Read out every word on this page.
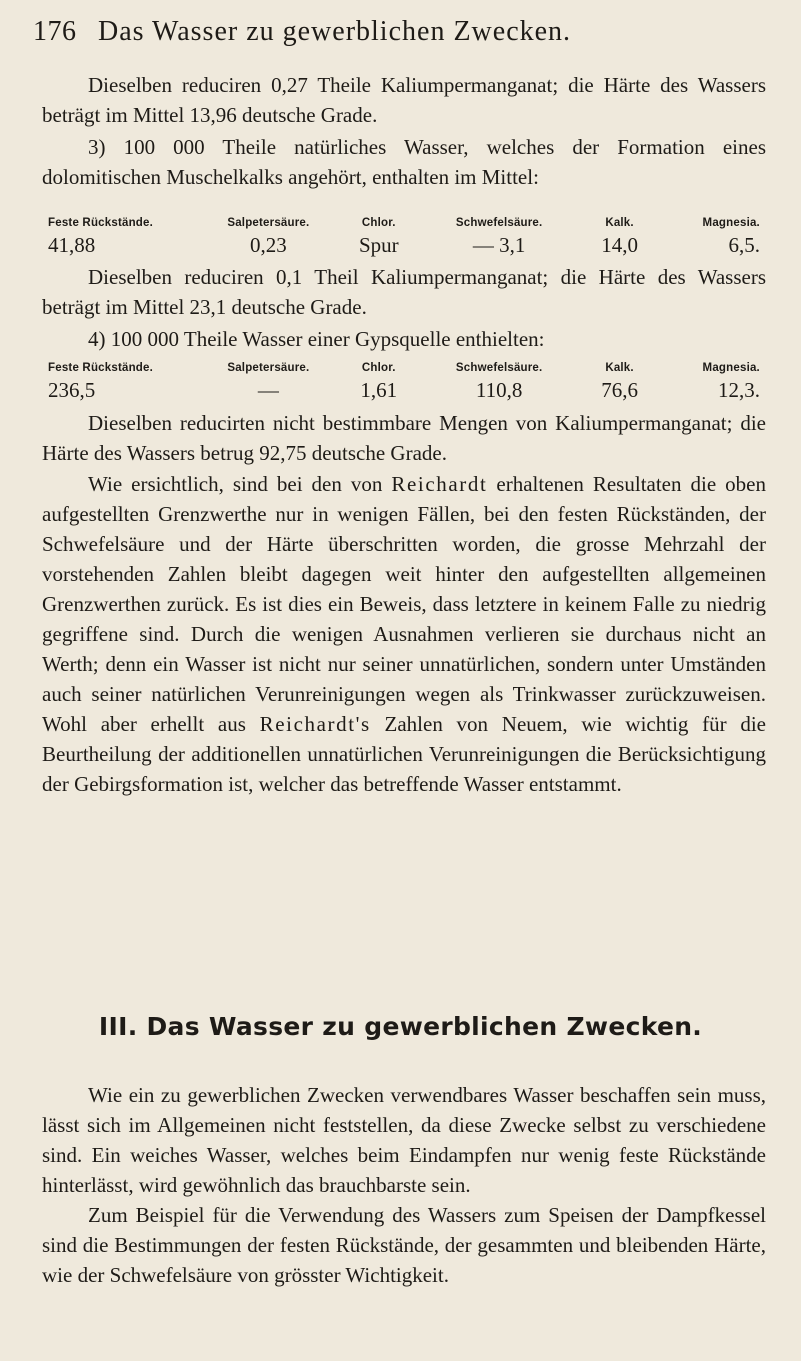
176 Das Wasser zu gewerblichen Zwecken.

Dieselben reduciren 0,27 Theile Kaliumpermanganat; die Härte des Wassers beträgt im Mittel 13,96 deutsche Grade.

3) 100 000 Theile natürliches Wasser, welches der Formation eines dolomitischen Muschelkalks angehört, enthalten im Mittel:

Feste Rückstände.	Salpetersäure.	Chlor.	Schwefelsäure.	Kalk.	Magnesia.
41,88	0,23	Spur	— 3,1	14,0	6,5.

Dieselben reduciren 0,1 Theil Kaliumpermanganat; die Härte des Wassers beträgt im Mittel 23,1 deutsche Grade.

4) 100 000 Theile Wasser einer Gypsquelle enthielten:

Feste Rückstände.	Salpetersäure.	Chlor.	Schwefelsäure.	Kalk.	Magnesia.
236,5	—	1,61	110,8	76,6	12,3.

Dieselben reducirten nicht bestimmbare Mengen von Kaliumpermanganat; die Härte des Wassers betrug 92,75 deutsche Grade.

Wie ersichtlich, sind bei den von Reichardt erhaltenen Resultaten die oben aufgestellten Grenzwerthe nur in wenigen Fällen, bei den festen Rückständen, der Schwefelsäure und der Härte überschritten worden, die grosse Mehrzahl der vorstehenden Zahlen bleibt dagegen weit hinter den aufgestellten allgemeinen Grenzwerthen zurück. Es ist dies ein Beweis, dass letztere in keinem Falle zu niedrig gegriffene sind. Durch die wenigen Ausnahmen verlieren sie durchaus nicht an Werth; denn ein Wasser ist nicht nur seiner unnatürlichen, sondern unter Umständen auch seiner natürlichen Verunreinigungen wegen als Trinkwasser zurückzuweisen. Wohl aber erhellt aus Reichardt's Zahlen von Neuem, wie wichtig für die Beurtheilung der additionellen unnatürlichen Verunreinigungen die Berücksichtigung der Gebirgsformation ist, welcher das betreffende Wasser entstammt.

III. Das Wasser zu gewerblichen Zwecken.

Wie ein zu gewerblichen Zwecken verwendbares Wasser beschaffen sein muss, lässt sich im Allgemeinen nicht feststellen, da diese Zwecke selbst zu verschiedene sind. Ein weiches Wasser, welches beim Eindampfen nur wenig feste Rückstände hinterlässt, wird gewöhnlich das brauchbarste sein.

Zum Beispiel für die Verwendung des Wassers zum Speisen der Dampfkessel sind die Bestimmungen der festen Rückstände, der gesammten und bleibenden Härte, wie der Schwefelsäure von grösster Wichtigkeit.
